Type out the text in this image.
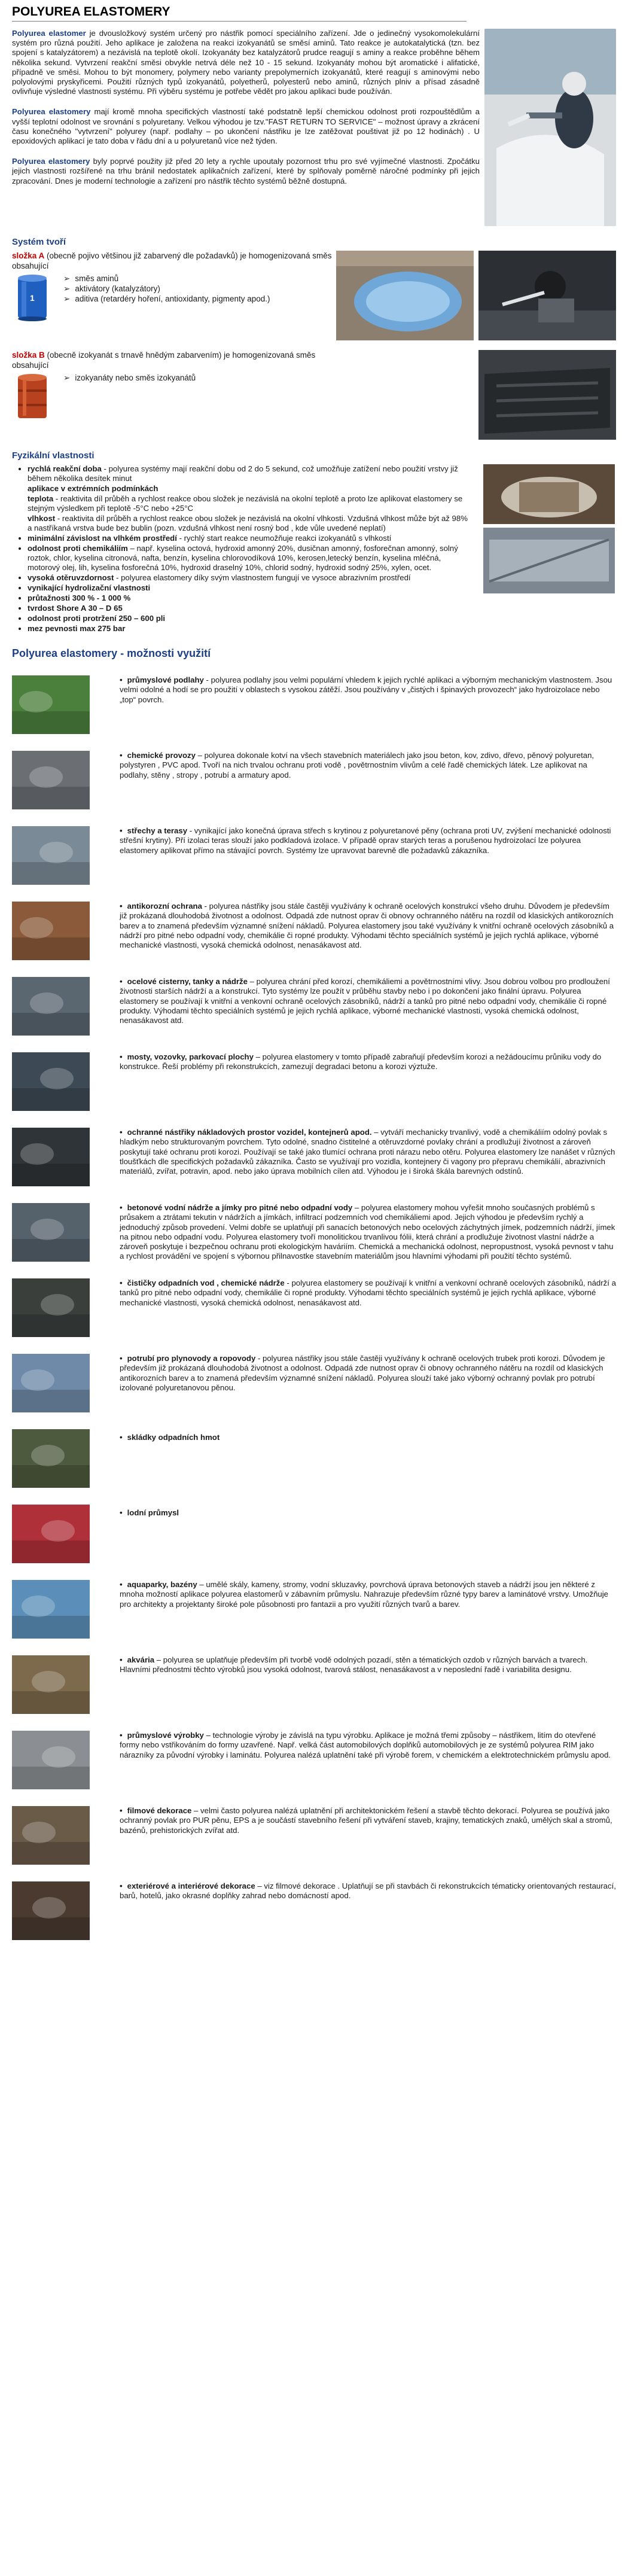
POLYUREA ELASTOMERY

Polyurea elastomer je dvousložkový systém určený pro nástřik pomocí speciálního zařízení. Jde o jedinečný vysokomolekulární systém pro různá použití. Jeho aplikace je založena na reakci izokyanátů se směsí aminů. Tato reakce je autokatalytická (tzn. bez spojení s katalyzátorem) a nezávislá na teplotě okolí. Izokyanáty bez katalyzátorů prudce reagují s aminy a reakce proběhne během několika sekund. Vytvrzení reakční směsi obvykle netrvá déle než 10 - 15 sekund. Izokyanáty mohou být aromatické i alifatické, případně ve směsi. Mohou to být monomery, polymery nebo varianty prepolymerních izokyanátů, které reagují s aminovými nebo polyolovými pryskyřicemi. Použití různých typů izokyanátů, polyetherů, polyesterů nebo aminů, různých plniv a přísad zásadně ovlivňuje výsledné vlastnosti systému. Při výběru systému je potřebe vědět pro jakou aplikaci bude používán.

Polyurea elastomery mají kromě mnoha specifických vlastností také podstatně lepší chemickou odolnost proti rozpouštědlům a vyšší teplotní odolnost ve srovnání s polyuretany. Velkou výhodou je tzv."FAST RETURN TO SERVICE" – možnost úpravy a zkrácení času konečného "vytvrzení" polyurey (např. podlahy – po ukončení nástřiku je lze zatěžovat pouštivat již po 12 hodinách) . U epoxidových aplikací je tato doba v řádu dní a u polyuretanů více než týden.

Polyurea elastomery byly poprvé použity již před 20 lety a rychle upoutaly pozornost trhu pro své vyjímečné vlastnosti. Zpočátku jejich vlastnosti rozšířené na trhu bránil nedostatek aplikačních zařízení, které by splňovaly poměrně náročné podmínky při jejich zpracování. Dnes je moderní technologie a zařízení pro nástřik těchto systémů běžně dostupná.

Systém tvoří
složka A (obecně pojivo většinou již zabarvený dle požadavků) je homogenizovaná směs obsahující
1
➢ směs aminů
➢ aktivátory (katalyzátory)
➢ aditiva (retardéry hoření, antioxidanty, pigmenty apod.)
složka B (obecně izokyanát s trnavě hnědým zabarvením) je homogenizovaná směs obsahující
➢ izokyanáty nebo směs izokyanátů
Fyzikální vlastnosti
• rychlá reakční doba - polyurea systémy mají reakční dobu od 2 do 5 sekund, což umožňuje zatížení nebo použití vrstvy již během několika desítek minut
aplikace v extrémních podmínkách
teplota - reaktivita díl průběh a rychlost reakce obou složek je nezávislá na okolní teplotě a proto lze aplikovat elastomery se stejným výsledkem při teplotě -5°C nebo +25°C
vlhkost - reaktivita díl průběh a rychlost reakce obou složek je nezávislá na okolní vlhkosti. Vzdušná vlhkost může být až 98% a nastříkaná vrstva bude bez bublin (pozn. vzdušná vlhkost není rosný bod , kde vůle uvedené neplatí)
• minimální závislost na vlhkém prostředí - rychlý start reakce neumožňuje reakci izokyanátů s vlhkostí
• odolnost proti chemikáliím – např. kyselina octová, hydroxid amonný 20%, dusičnan amonný, fosforečnan amonný, solný roztok, chlor, kyselina citronová, nafta, benzín, kyselina chlorovodíková 10%, kerosen,letecký benzín, kyselina mléčná, motorový olej, lih, kyselina fosforečná 10%, hydroxid draselný 10%, chlorid sodný, hydroxid sodný 25%, xylen, ocet.
• vysoká otěruvzdornost - polyurea elastomery díky svým vlastnostem fungují ve vysoce abrazivním prostředí
• vynikající hydrolizační vlastnosti
• průtažnosti 300 % - 1 000 %
• tvrdost Shore A 30 – D 65
• odolnost proti protržení 250 – 600 pli
• mez pevnosti max 275 bar
Polyurea elastomery - možnosti využití
• průmyslové podlahy - polyurea podlahy jsou velmi populární vhledem k jejich rychlé aplikaci a výborným mechanickým vlastnostem. Jsou velmi odolné a hodí se pro použití v oblastech s vysokou zátěží. Jsou používány v „čistých i špinavých provozech“ jako hydroizolace nebo „top“ povrch.
• chemické provozy – polyurea dokonale kotví na všech stavebních materiálech jako jsou beton, kov, zdivo, dřevo, pěnový polyuretan, polystyren , PVC apod. Tvoří na nich trvalou ochranu proti vodě , povětrnostním vlivům a celé řadě chemických látek. Lze aplikovat na podlahy, stěny , stropy , potrubí a armatury apod.
• střechy a terasy - vynikající jako konečná úprava střech s krytinou z polyuretanové pěny (ochrana proti UV, zvýšení mechanické odolnosti střešní krytiny). Pří izolaci teras slouží jako podkladová izolace. V případě oprav starých teras a porušenou hydroizolací lze polyurea elastomery aplikovat přímo na stávající povrch. Systémy lze upravovat barevně dle požadavků zákazníka.
• antikorozní ochrana - polyurea nástřiky jsou stále častěji využívány k ochraně ocelových konstrukcí všeho druhu. Důvodem je především již prokázaná dlouhodobá životnost a odolnost. Odpadá zde nutnost oprav či obnovy ochranného nátěru na rozdíl od klasických antikorozních barev a to znamená především významné snížení nákladů. Polyurea elastomery jsou také využívány k vnitřní ochraně ocelových zásobníků a nádrží pro pitné nebo odpadní vody, chemikálie či ropné produkty. Výhodami těchto speciálních systémů je jejich rychlá aplikace, výborné mechanické vlastnosti, vysoká chemická odolnost, nenasákavost atd.
• ocelové cisterny, tanky a nádrže – polyurea chrání před korozí, chemikáliemi a povětrnostními vlivy. Jsou dobrou volbou pro prodloužení životnosti starších nádrží a a konstrukcí. Tyto systémy lze použít v průběhu stavby nebo i po dokončení jako finální úpravu. Polyurea elastomery se používají k vnitřní a venkovní ochraně ocelových zásobníků, nádrží a tanků pro pitné nebo odpadní vody, chemikálie či ropné produkty. Výhodami těchto speciálních systémů je jejich rychlá aplikace, výborné mechanické vlastnosti, vysoká chemická odolnost, nenasákavost atd.
• mosty, vozovky, parkovací plochy – polyurea elastomery v tomto případě zabraňují především korozi a nežádoucímu průniku vody do konstrukce. Řeší problémy při rekonstrukcích, zamezují degradaci betonu a korozi výztuže.
• ochranné nástřiky nákladových prostor vozidel, kontejnerů apod. – vytváří mechanicky trvanlivý, vodě a chemikáliím odolný povlak s hladkým nebo strukturovaným povrchem. Tyto odolné, snadno čistitelné a otěruvzdorné povlaky chrání a prodlužují životnost a zároveň poskytují také ochranu proti korozi. Používají se také jako tlumící ochrana proti nárazu nebo otěru. Polyurea elastomery lze nanášet v různých tloušťkách dle specifických požadavků zákazníka. Často se využívají pro vozidla, kontejnery či vagony pro přepravu chemikálií, abrazivních materiálů, zvířat, potravin, apod. nebo jako úprava mobilních cílen atd. Výhodou je i široká škála barevných odstínů.
• betonové vodní nádrže a jímky pro pitné nebo odpadní vody – polyurea elastomery mohou vyřešit mnoho současných problémů s průsakem a ztrátami tekutin v nádržích a jímkách, infiltrací podzemních vod chemikáliemi apod. Jejich výhodou je především rychlý a jednoduchý způsob provedení. Velmi dobře se uplatňují při sanacích betonových nebo ocelových záchytných jímek, podzemních nádrží, jímek na pitnou nebo odpadní vodu. Polyurea elastomery tvoří monolitickou trvanlivou fólii, která chrání a prodlužuje životnost vlastní nádrže a zároveň poskytuje i bezpečnou ochranu proti ekologickým haváriím. Chemická a mechanická odolnost, nepropustnost, vysoká pevnost v tahu a rychlost provádění ve spojení s výbornou přilnavostke stavebním materiálům jsou hlavními výhodami při použití těchto systémů.
• čističky odpadních vod , chemické nádrže - polyurea elastomery se používají k vnitřní a venkovní ochraně ocelových zásobníků, nádrží a tanků pro pitné nebo odpadní vody, chemikálie či ropné produkty. Výhodami těchto speciálních systémů je jejich rychlá aplikace, výborné mechanické vlastnosti, vysoká chemická odolnost, nenasákavost atd.
• potrubí pro plynovody a ropovody - polyurea nástřiky jsou stále častěji využívány k ochraně ocelových trubek proti korozi. Důvodem je především již prokázaná dlouhodobá životnost a odolnost. Odpadá zde nutnost oprav či obnovy ochranného nátěru na rozdíl od klasických antikorozních barev a to znamená především významné snížení nákladů. Polyurea slouží také jako výborný ochranný povlak pro potrubí izolované polyuretanovou pěnou.
• skládky odpadních hmot
• lodní průmysl
• aquaparky, bazény – umělé skály, kameny, stromy, vodní skluzavky, povrchová úprava betonových staveb a nádrží jsou jen některé z mnoha možností aplikace polyurea elastomerů v zábavním průmyslu. Nahrazuje především různé typy barev a laminátové vrstvy. Umožňuje pro architekty a projektanty široké pole působnosti pro fantazii a pro využití různých tvarů a barev.
• akvária – polyurea se uplatňuje především při tvorbě vodě odolných pozadí, stěn a tématických ozdob v různých barvách a tvarech. Hlavními přednostmi těchto výrobků jsou vysoká odolnost, tvarová stálost, nenasákavost a v neposlední řadě i variabilita designu.
• průmyslové výrobky – technologie výroby je závislá na typu výrobku. Aplikace je možná třemi způsoby – nástřikem, litím do otevřené formy nebo vstřikováním do formy uzavřené. Např. velká část automobilových doplňků automobilových je ze systémů polyurea RIM jako nárazníky za původní výrobky i laminátu. Polyurea nalézá uplatnění také při výrobě forem, v chemickém a elektrotechnickém průmyslu apod.
• filmové dekorace – velmi často polyurea nalézá uplatnění při architektonickém řešení a stavbě těchto dekorací. Polyurea se používá jako ochranný povlak pro PUR pěnu, EPS a je součástí stavebního řešení při vytváření staveb, krajiny, tematických znaků, umělých skal a stromů, bazénů, prehistorických zvířat atd.
• exteriérové a interiérové dekorace – viz filmové dekorace . Uplatňují se při stavbách či rekonstrukcích tématicky orientovaných restaurací, barů, hotelů, jako okrasné doplňky zahrad nebo domácností apod.
